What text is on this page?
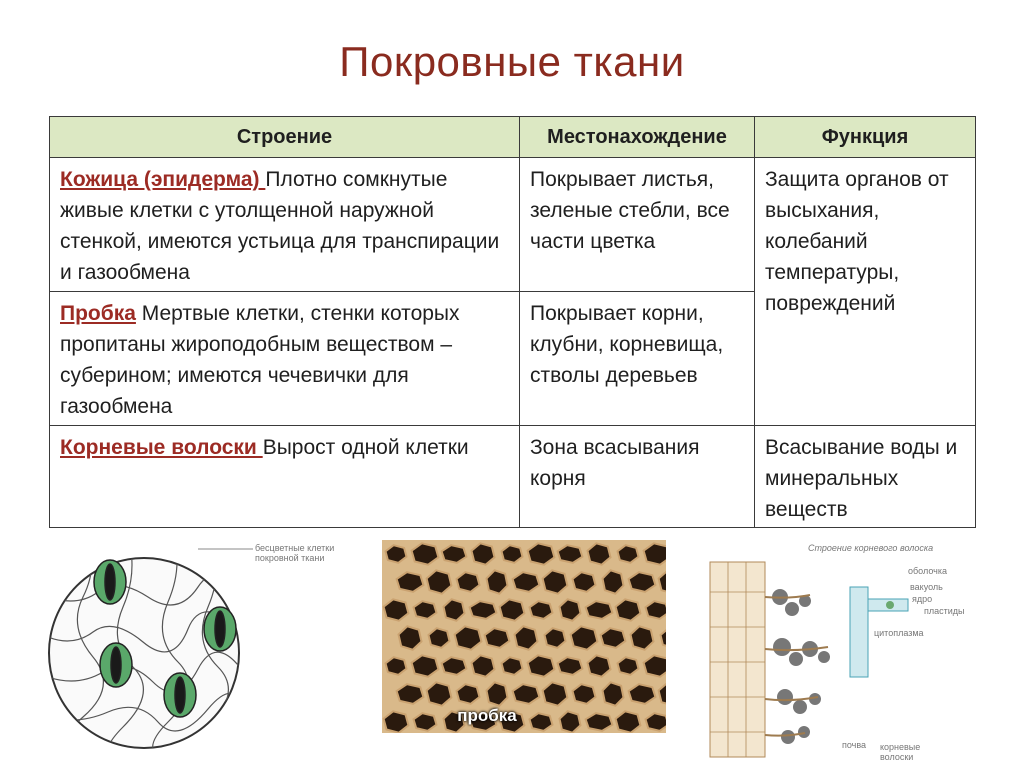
Покровные ткани
Строение	Местонахождение	Функция
Кожица (эпидерма) Плотно сомкнутые живые клетки с утолщенной наружной стенкой, имеются устьица для транспирации и газообмена	Покрывает листья, зеленые стебли, все части цветка	Защита органов от высыхания, колебаний температуры, повреждений
Пробка Мертвые клетки, стенки которых пропитаны жироподобным веществом – суберином; имеются чечевички для газообмена	Покрывает корни, клубни, корневища, стволы деревьев	
Корневые волоски Вырост одной клетки	Зона всасывания корня	Всасывание воды и минеральных веществ
бесцветные клетки покровной ткани
пробка
Строение корневого волоска
оболочка
вакуоль
ядро
пластиды
цитоплазма
почва корневые волоски
